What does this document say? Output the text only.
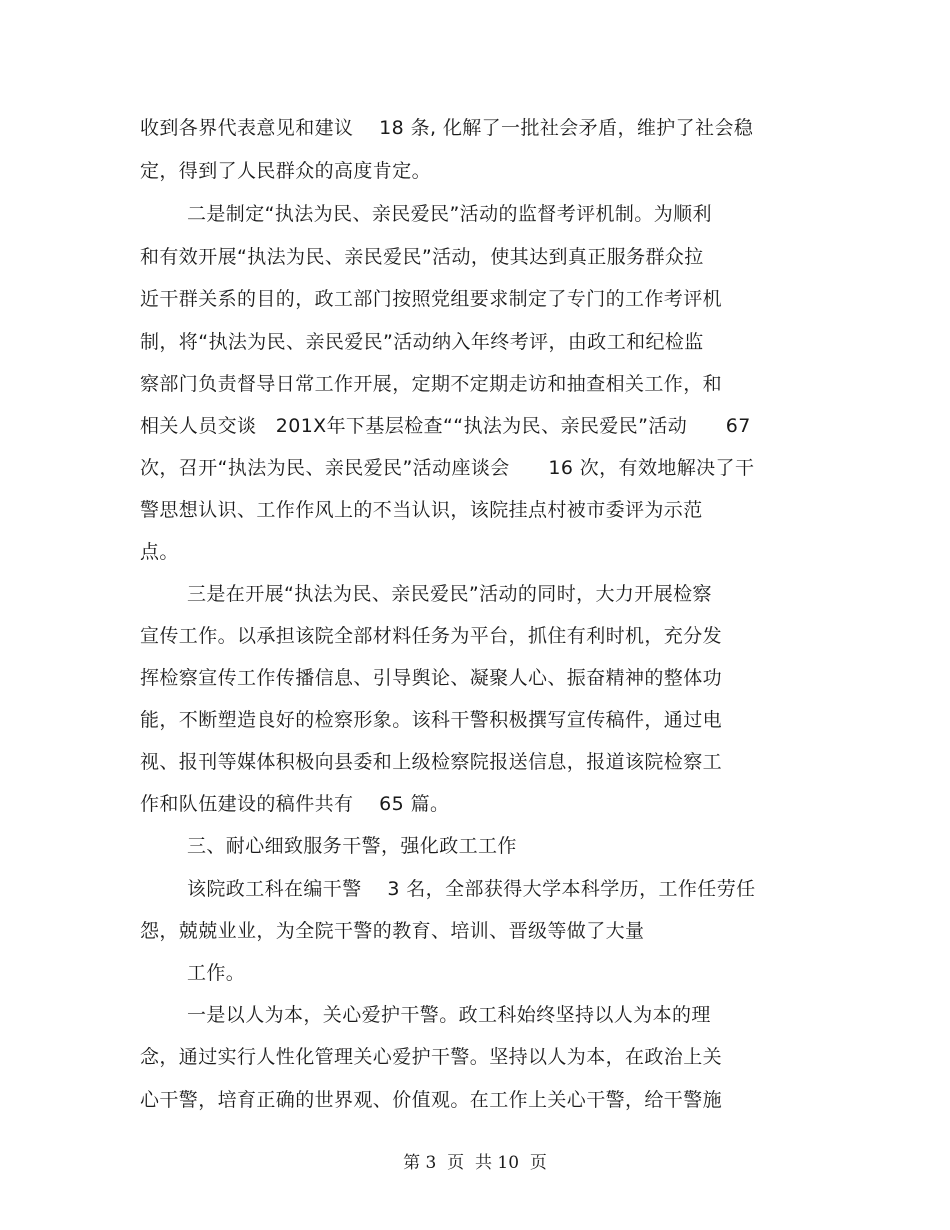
收到各界代表意见和建议    18 条, 化解了一批社会矛盾，维护了社会稳
定，得到了人民群众的高度肯定。
二是制定“执法为民、亲民爱民”活动的监督考评机制。为顺利
和有效开展“执法为民、亲民爱民”活动，使其达到真正服务群众拉
近干群关系的目的，政工部门按照党组要求制定了专门的工作考评机
制，将“执法为民、亲民爱民”活动纳入年终考评，由政工和纪检监
察部门负责督导日常工作开展，定期不定期走访和抽查相关工作，和
相关人员交谈   201X年下基层检查““执法为民、亲民爱民”活动      67
次，召开“执法为民、亲民爱民”活动座谈会      16 次，有效地解决了干
警思想认识、工作作风上的不当认识，该院挂点村被市委评为示范
点。
三是在开展“执法为民、亲民爱民”活动的同时，大力开展检察
宣传工作。以承担该院全部材料任务为平台，抓住有利时机，充分发
挥检察宣传工作传播信息、引导舆论、凝聚人心、振奋精神的整体功
能，不断塑造良好的检察形象。该科干警积极撰写宣传稿件，通过电
视、报刊等媒体积极向县委和上级检察院报送信息，报道该院检察工
作和队伍建设的稿件共有    65 篇。
三、耐心细致服务干警，强化政工工作
该院政工科在编干警    3 名，全部获得大学本科学历，工作任劳任
怨，兢兢业业，为全院干警的教育、培训、晋级等做了大量
工作。
一是以人为本，关心爱护干警。政工科始终坚持以人为本的理
念，通过实行人性化管理关心爱护干警。坚持以人为本，在政治上关
心干警，培育正确的世界观、价值观。在工作上关心干警，给干警施
第 3  页  共 10  页
